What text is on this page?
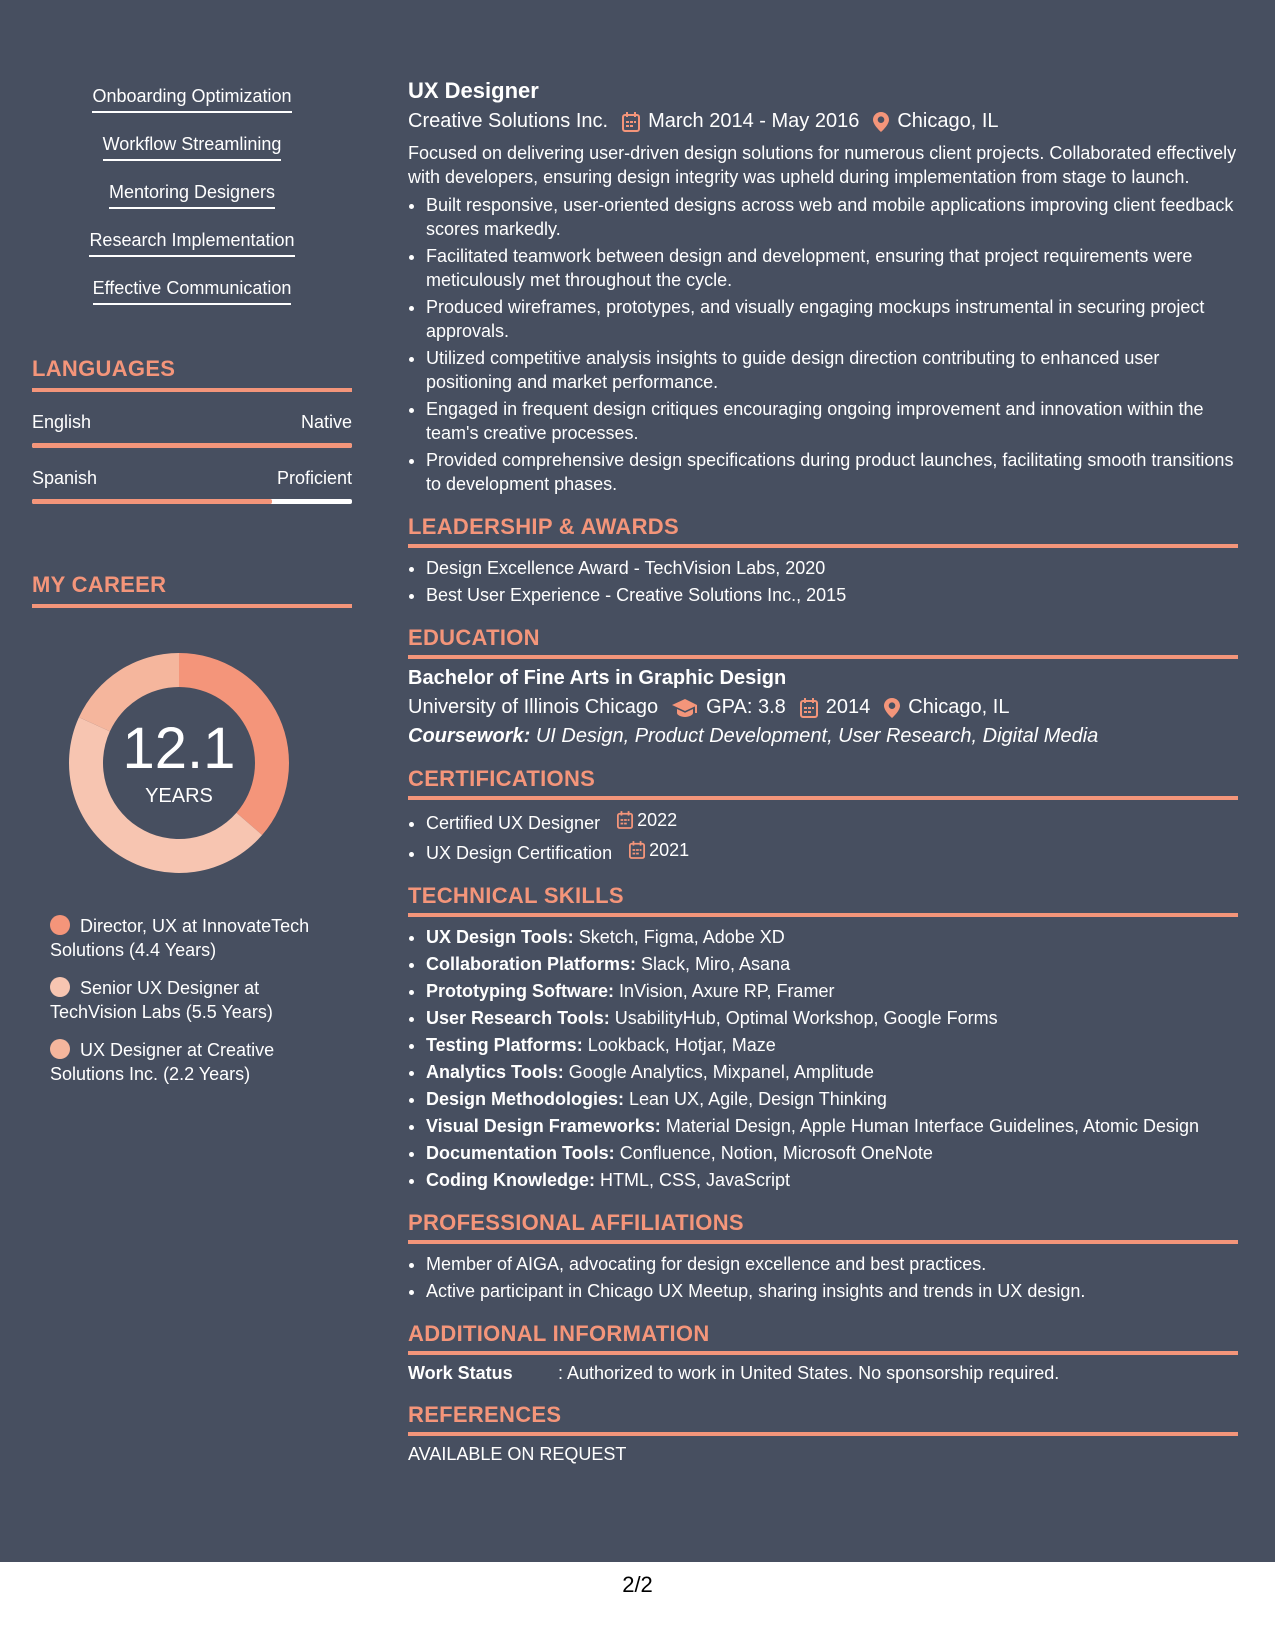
Onboarding Optimization
Workflow Streamlining
Mentoring Designers
Research Implementation
Effective Communication
LANGUAGES
English	Native
Spanish	Proficient
MY CAREER
12.1
YEARS
Director, UX at InnovateTech Solutions (4.4 Years)
Senior UX Designer at TechVision Labs (5.5 Years)
UX Designer at Creative Solutions Inc. (2.2 Years)
UX Designer
Creative Solutions Inc. March 2014 - May 2016 Chicago, IL
Focused on delivering user-driven design solutions for numerous client projects. Collaborated effectively with developers, ensuring design integrity was upheld during implementation from stage to launch.
• Built responsive, user-oriented designs across web and mobile applications improving client feedback scores markedly.
• Facilitated teamwork between design and development, ensuring that project requirements were meticulously met throughout the cycle.
• Produced wireframes, prototypes, and visually engaging mockups instrumental in securing project approvals.
• Utilized competitive analysis insights to guide design direction contributing to enhanced user positioning and market performance.
• Engaged in frequent design critiques encouraging ongoing improvement and innovation within the team's creative processes.
• Provided comprehensive design specifications during product launches, facilitating smooth transitions to development phases.
LEADERSHIP & AWARDS
• Design Excellence Award - TechVision Labs, 2020
• Best User Experience - Creative Solutions Inc., 2015
EDUCATION
Bachelor of Fine Arts in Graphic Design
University of Illinois Chicago GPA: 3.8 2014 Chicago, IL
Coursework: UI Design, Product Development, User Research, Digital Media
CERTIFICATIONS
• Certified UX Designer 2022
• UX Design Certification 2021
TECHNICAL SKILLS
• UX Design Tools: Sketch, Figma, Adobe XD
• Collaboration Platforms: Slack, Miro, Asana
• Prototyping Software: InVision, Axure RP, Framer
• User Research Tools: UsabilityHub, Optimal Workshop, Google Forms
• Testing Platforms: Lookback, Hotjar, Maze
• Analytics Tools: Google Analytics, Mixpanel, Amplitude
• Design Methodologies: Lean UX, Agile, Design Thinking
• Visual Design Frameworks: Material Design, Apple Human Interface Guidelines, Atomic Design
• Documentation Tools: Confluence, Notion, Microsoft OneNote
• Coding Knowledge: HTML, CSS, JavaScript
PROFESSIONAL AFFILIATIONS
• Member of AIGA, advocating for design excellence and best practices.
• Active participant in Chicago UX Meetup, sharing insights and trends in UX design.
ADDITIONAL INFORMATION
Work Status	: Authorized to work in United States. No sponsorship required.
REFERENCES
AVAILABLE ON REQUEST
2/2
